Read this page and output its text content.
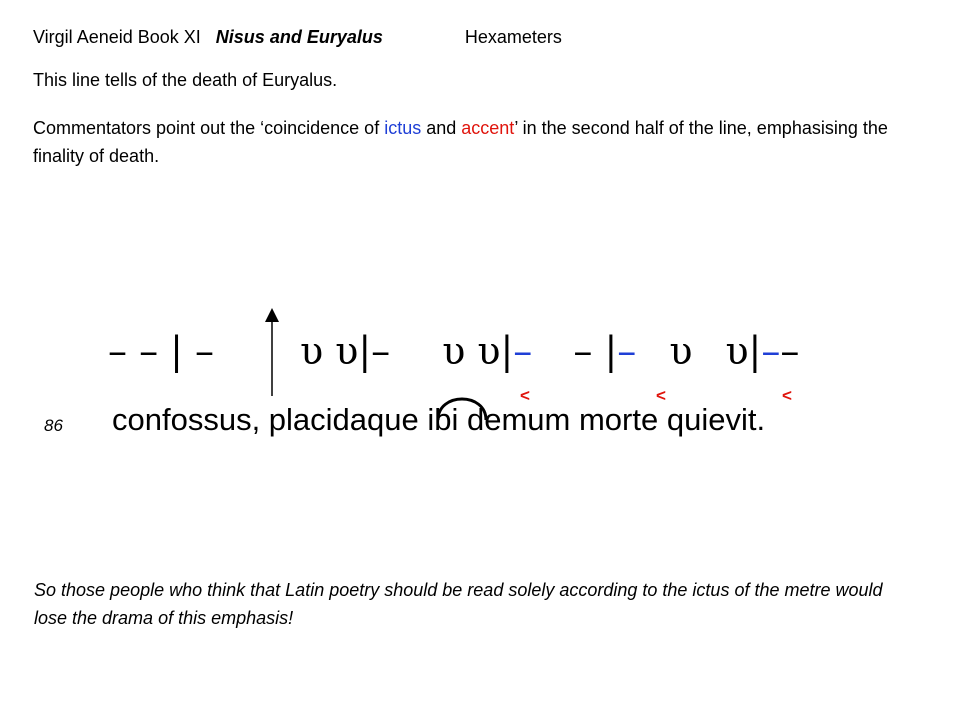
Virgil Aeneid Book XI Nisus and Euryalus	Hexameters
This line tells of the death of Euryalus.
Commentators point out the ‘coincidence of ictus and accent’ in the second half of the line, emphasising the finality of death.
– – | – υ υ|– υ υ|– – |– υ υ|––
<	<	<
86 confossus, placidaque ibi demum morte quievit.
So those people who think that Latin poetry should be read solely according to the ictus of the metre would lose the drama of this emphasis!
